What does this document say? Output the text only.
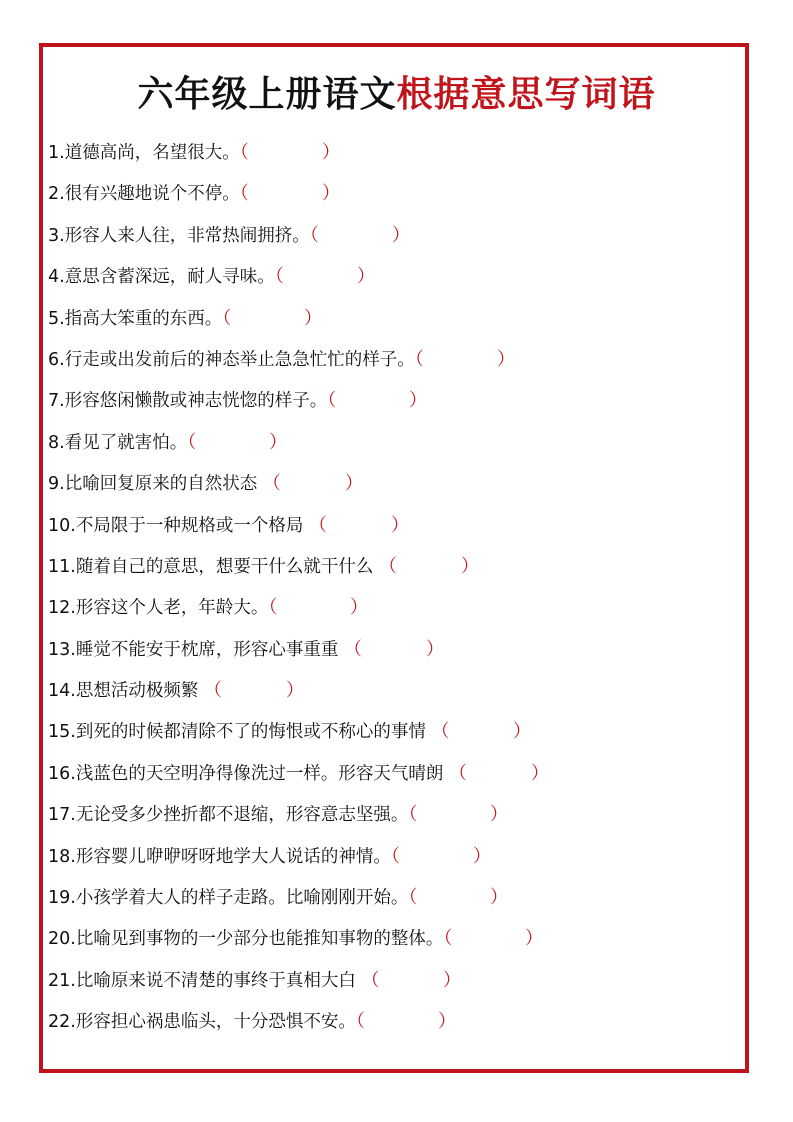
六年级上册语文根据意思写词语
1.道德高尚，名望很大。（	）
2.很有兴趣地说个不停。（	）
3.形容人来人往，非常热闹拥挤。（	）
4.意思含蓄深远，耐人寻味。（	）
5.指高大笨重的东西。（	）
6.行走或出发前后的神态举止急急忙忙的样子。（	）
7.形容悠闲懒散或神志恍惚的样子。（	）
8.看见了就害怕。（	）
9.比喻回复原来的自然状态 （	）
10.不局限于一种规格或一个格局 （	）
11.随着自己的意思，想要干什么就干什么 （	）
12.形容这个人老，年龄大。（	）
13.睡觉不能安于枕席，形容心事重重 （	）
14.思想活动极频繁 （	）
15.到死的时候都清除不了的悔恨或不称心的事情 （	）
16.浅蓝色的天空明净得像洗过一样。形容天气晴朗 （	）
17.无论受多少挫折都不退缩，形容意志坚强。（	）
18.形容婴儿咿咿呀呀地学大人说话的神情。（	）
19.小孩学着大人的样子走路。比喻刚刚开始。（	）
20.比喻见到事物的一少部分也能推知事物的整体。（	）
21.比喻原来说不清楚的事终于真相大白 （	）
22.形容担心祸患临头，十分恐惧不安。（	）
